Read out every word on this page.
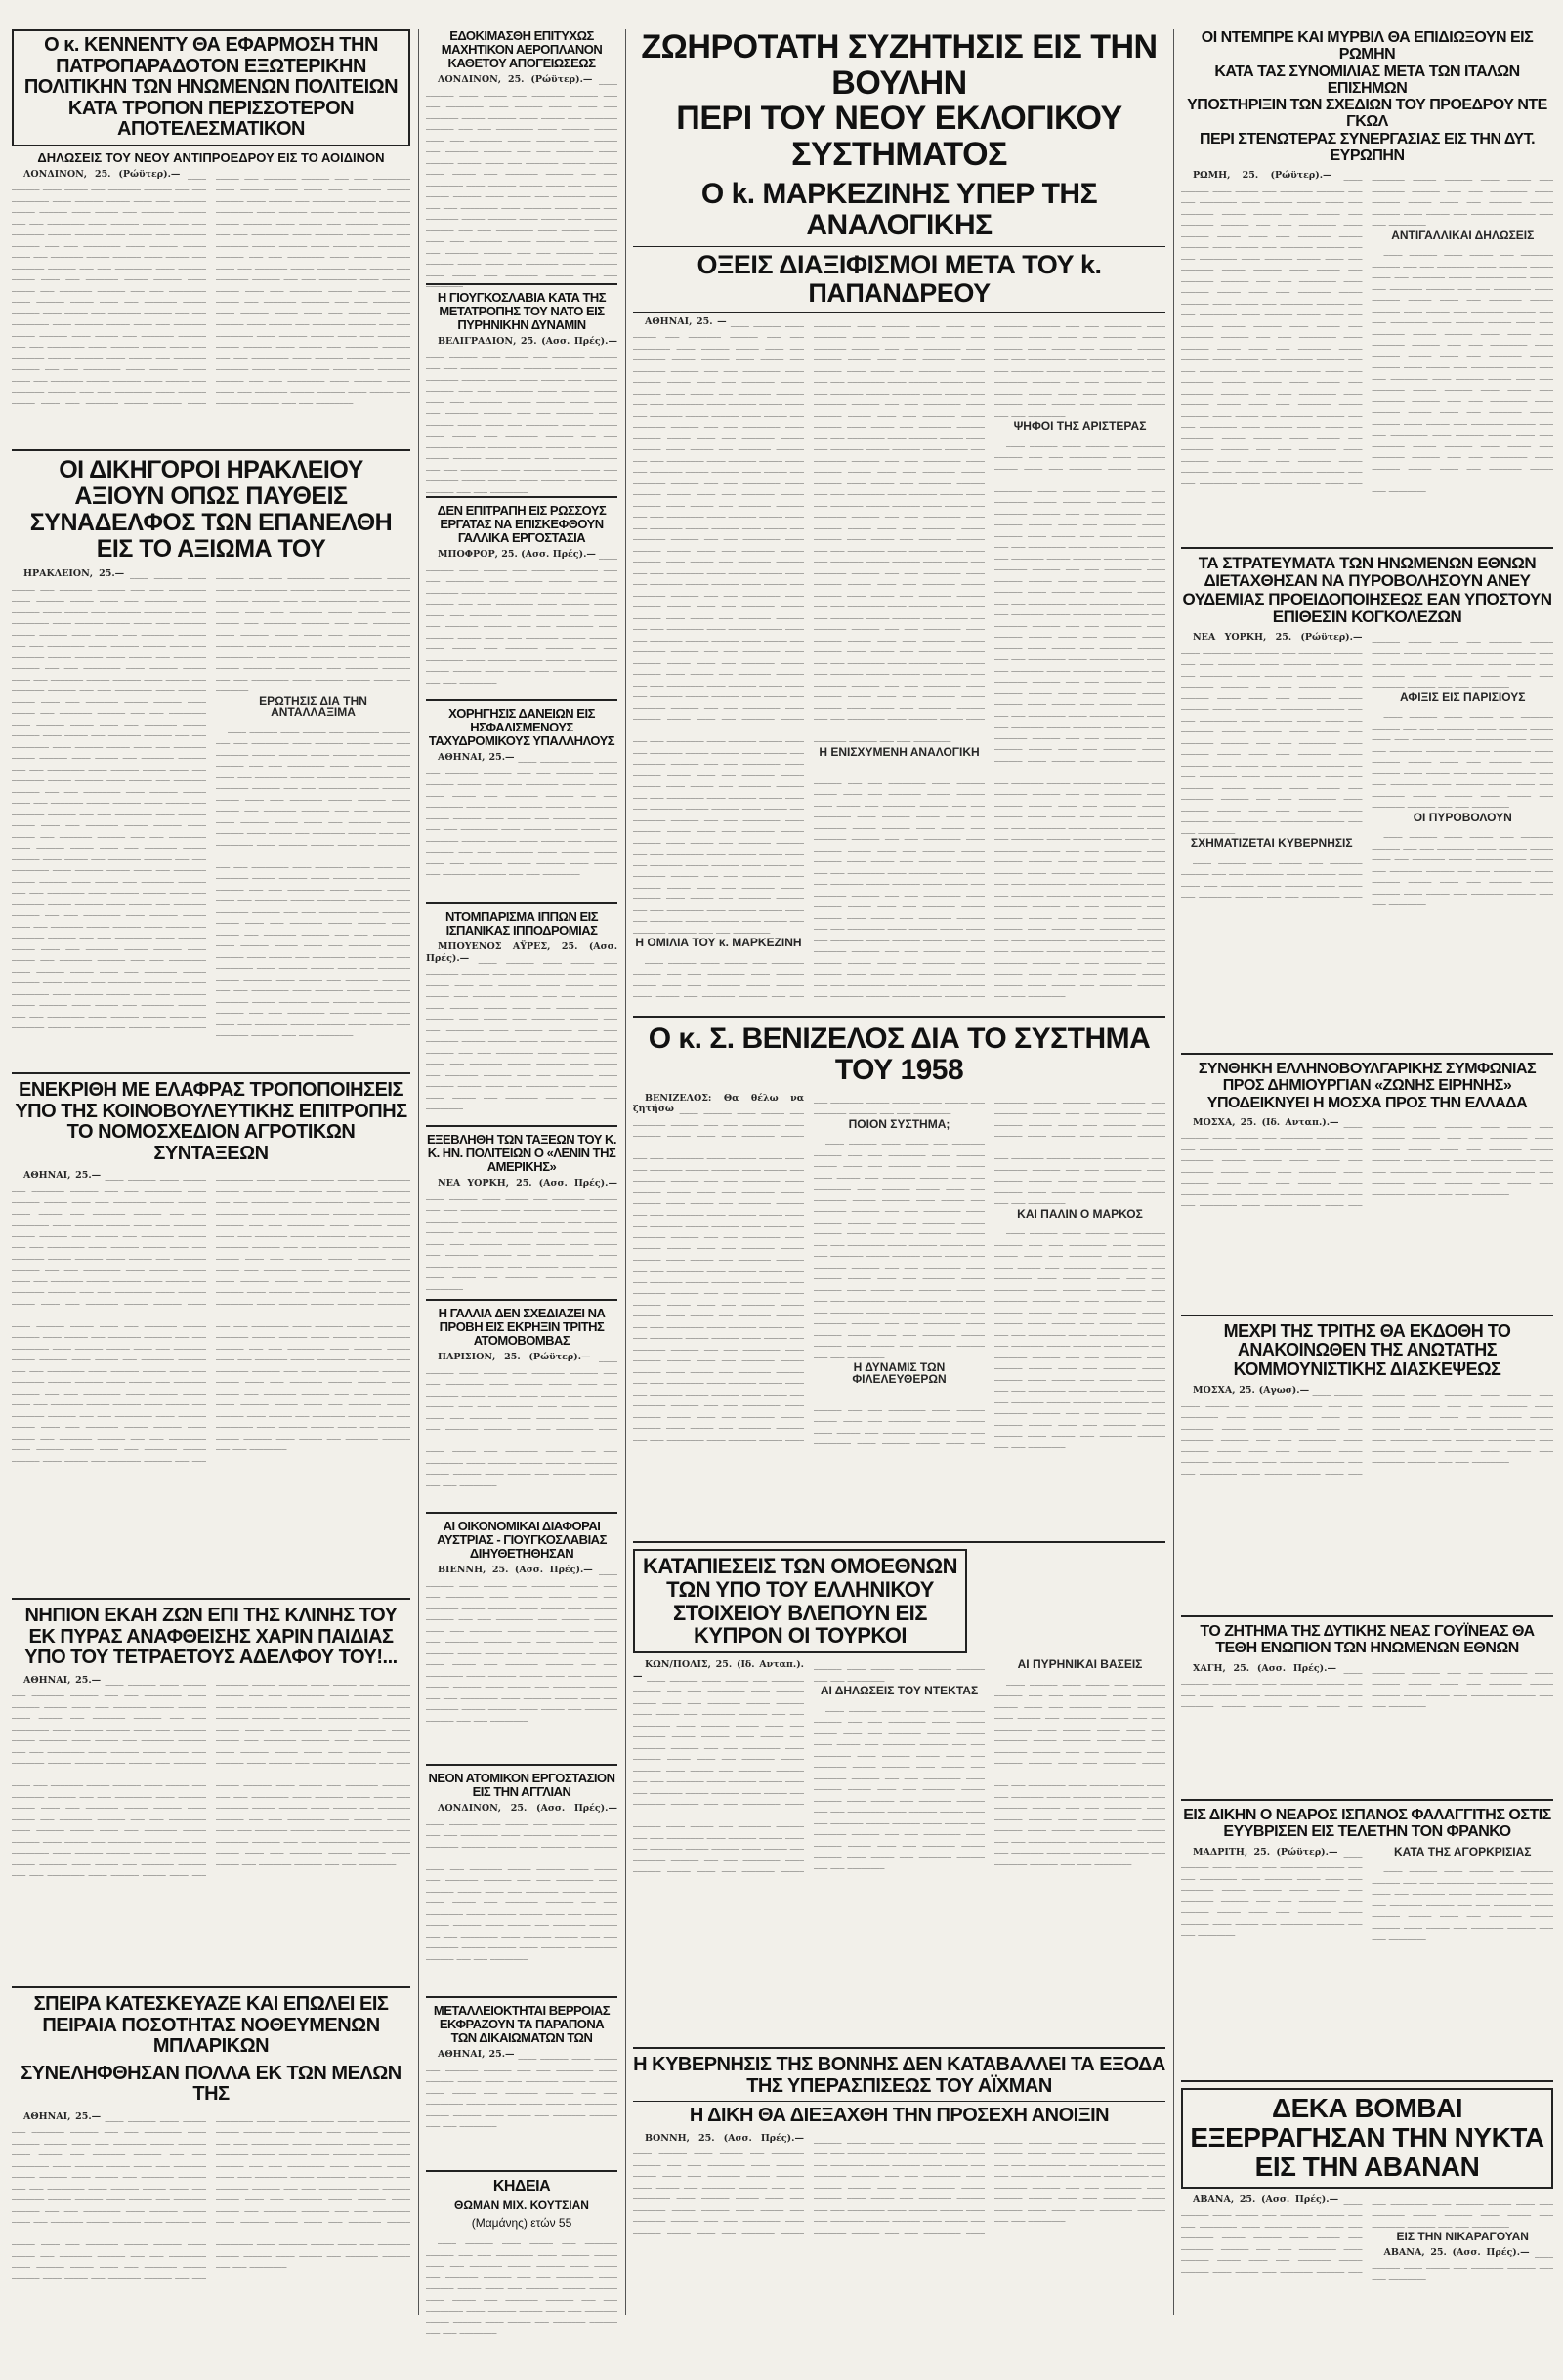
Ο κ. ΚΕΝΝΕΝΤΥ ΘΑ ΕΦΑΡΜΟΣΗ ΤΗΝ ΠΑΤΡΟΠΑΡΑΔΟΤΟΝ ΕΞΩΤΕΡΙΚΗΝ ΠΟΛΙΤΙΚΗΝ ΤΩΝ ΗΝΩΜΕΝΩΝ ΠΟΛΙΤΕΙΩΝ ΚΑΤΑ ΤΡΟΠΟΝ ΠΕΡΙΣΣΟΤΕΡΟΝ ΑΠΟΤΕΛΕΣΜΑΤΙΚΟΝ
ΔΗΛΩΣΕΙΣ ΤΟΥ ΝΕΟΥ ΑΝΤΙΠΡΟΕΔΡΟΥ ΕΙΣ ΤΟ ΑΟΙΔΙΝΟΝ

ΛΟΝΔΙΝΟΝ, 25. (Ρώϋτερ).— ____ ______ ____ _____ ___ _______ ______ ___ ___ ________ ____ ______ _____ ____ ___ _______ _____ ______ ____ _____ ___ _______ ______ ___ ___ ________ ____ ______ _____ ____ ___ _______ _____ ______ ____ _____ ___ _______ ______ ___ ___ ________ ____ ______ _____ ____ ___ _______ _____ ______ ____ _____ ___ _______ ______ ___ ___ ________ ____ ______ _____ ____ ___ _______ _____ ______ ____ _____ ___ _______ ______ ___ ___ ________ ____ ______ _____ ____ ___ _______ _____ ______ ____ _____ ___ _______ ______ ___ ___ ________ ____ ______ _____ ____ ___ _______ _____ ______ ____ _____ ___ _______ ______ ___ ___ ________ ____ ______ _____ ____ ___ _______ _____ ______ ____ _____ ___ _______ ______ ___ ___ ________ ____ ______ _____ ____ ___ _______ _____ ______ ____ _____ ___ _______ ______ ___ ___ ________ ____ ______ _____ ____ ___ _______ _____ ______ ____ _____ ___ _______ ______ ___ ___ ________ ____ ______ _____ ____ ___ _______ _____ ______ ____ _____ ___ _______ ______ ___ ___ ________ ____ ______ _____ ____ ___ _______ _____ ______ ____ _____ ___ _______ ______ ___ ___ ________ ____ ______ _____ ____ ___ _______ _____ ______ ____ _____ ___ _______ ______ ___ ___ ________ ____ ______ _____ ____ ___ _______ _____ ______ ____ _____ ___ _______ ______ ___ ___ ________ ____ ______ _____ ____ ___ _______ _____ ______ ____ _____ ___ _______ ______ ___ ___ ________ ____ ______ _____ ____ ___ _______ _____ ______ ____ _____ ___ _______ ______ ___ ___ ________ ____ ______ _____ ____ ___ _______ _____ ______ ____ _____ ___ _______ ______ ___ ___ ________ ____ ______ _____ ____ ___ _______ _____ ______ ____ _____ ___ _______ ______ ___ ___ ________ ____ ______ _____ ____ ___ _______ _____ ______ ____ _____ ___ _______ ______ ___ ___ ________

ΟΙ ΔΙΚΗΓΟΡΟΙ ΗΡΑΚΛΕΙΟΥ ΑΞΙΟΥΝ ΟΠΩΣ ΠΑΥΘΕΙΣ ΣΥΝΑΔΕΛΦΟΣ ΤΩΝ ΕΠΑΝΕΛΘΗ ΕΙΣ ΤΟ ΑΞΙΩΜΑ ΤΟΥ

ΗΡΑΚΛΕΙΟΝ, 25.— ____ ______ ____ _____ ___ _______ ______ ___ ___ ________ ____ ______ _____ ____ ___ _______ _____ ______ ____ _____ ___ _______ ______ ___ ___ ________ ____ ______ _____ ____ ___ _______ _____ ______ ____ _____ ___ _______ ______ ___ ___ ________ ____ ______ _____ ____ ___ _______ _____ ______ ____ _____ ___ _______ ______ ___ ___ ________ ____ ______ _____ ____ ___ _______ _____ ______ ____ _____ ___ _______ ______ ___ ___ ________ ____ ______ _____ ____ ___ _______ _____ ______ ____ _____ ___ _______ ______ ___ ___ ________ ____ ______ _____ ____ ___ _______ _____ ______ ____ _____ ___ _______ ______ ___ ___ ________ ____ ______ _____ ____ ___ _______ _____ ______ ____ _____ ___ _______ ______ ___ ___ ________ ____ ______ _____ ____ ___ _______ _____ ______ ____ _____ ___ _______ ______ ___ ___ ________ ____ ______ _____ ____ ___ _______ _____ ______ ____ _____ ___ _______ ______ ___ ___ ________ ____ ______ _____ ____ ___ _______ _____ ______ ____ _____ ___ _______ ______ ___ ___ ________ ____ ______ _____ ____ ___ _______ _____ ______ ____ _____ ___ _______ ______ ___ ___ ________ ____ ______ _____ ____ ___ _______ _____ ______ ____ _____ ___ _______ ______ ___ ___ ________ ____ ______ _____ ____ ___ _______ _____ ______ ____ _____ ___ _______ ______ ___ ___ ________ ____ ______ _____ ____ ___ _______ _____ ______ ____ _____ ___ _______ ______ ___ ___ ________ ____ ______ _____ ____ ___ _______ _____ ______ ____ _____ ___ _______ ______ ___ ___ ________ ____ ______ _____ ____ ___ _______ _____ ______ ____ _____ ___ _______ ______ ___ ___ ________ ____ ______ _____ ____ ___ _______ _____ ______ ____ _____ ___ _______ ______ ___ ___ ________ ____ ______ _____ ____ ___ _______ _____ ______ ____ _____ ___ _______ ______ ___ ___ ________ ____ ______ _____ ____ ___ _______ _____ ______ ____ _____ ___ _______ ______ ___ ___ ________ ____ ______ _____ ____ ___ _______ _____ ______ ____ _____ ___ _______ ______ ___ ___ ________ ____ ______ _____ ____ ___ _______ _____ ______ ____ _____ ___ _______ ______ ___ ___ ________ ____ ______ _____ ____ ___ _______ _____ ______ ____ _____ ___ _______ ______ ___ ___ ________ ____ ______ _____ ____ ___ _______

ΕΡΩΤΗΣΙΣ ΔΙΑ ΤΗΝ ΑΝΤΑΛΛΑΞΙΜΑ

____ ______ ____ _____ ___ _______ ______ ___ ___ ________ ____ ______ _____ ____ ___ _______ _____ ______ ____ _____ ___ _______ ______ ___ ___ ________ ____ ______ _____ ____ ___ _______ _____ ______ ____ _____ ___ _______ ______ ___ ___ ________ ____ ______ _____ ____ ___ _______ _____ ______ ____ _____ ___ _______ ______ ___ ___ ________ ____ ______ _____ ____ ___ _______ _____ ______ ____ _____ ___ _______ ______ ___ ___ ________ ____ ______ _____ ____ ___ _______ _____ ______ ____ _____ ___ _______ ______ ___ ___ ________ ____ ______ _____ ____ ___ _______ _____ ______ ____ _____ ___ _______ ______ ___ ___ ________ ____ ______ _____ ____ ___ _______ _____ ______ ____ _____ ___ _______ ______ ___ ___ ________ ____ ______ _____ ____ ___ _______ _____ ______ ____ _____ ___ _______ ______ ___ ___ ________ ____ ______ _____ ____ ___ _______ _____ ______ ____ _____ ___ _______ ______ ___ ___ ________ ____ ______ _____ ____ ___ _______ _____ ______ ____ _____ ___ _______ ______ ___ ___ ________ ____ ______ _____ ____ ___ _______ _____ ______ ____ _____ ___ _______ ______ ___ ___ ________ ____ ______ _____ ____ ___ _______ _____ ______ ____ _____ ___ _______ ______ ___ ___ ________

ΕΝΕΚΡΙΘΗ ΜΕ ΕΛΑΦΡΑΣ ΤΡΟΠΟΠΟΙΗΣΕΙΣ ΥΠΟ ΤΗΣ ΚΟΙΝΟΒΟΥΛΕΥΤΙΚΗΣ ΕΠΙΤΡΟΠΗΣ ΤΟ ΝΟΜΟΣΧΕΔΙΟΝ ΑΓΡΟΤΙΚΩΝ ΣΥΝΤΑΞΕΩΝ

ΑΘΗΝΑΙ, 25.— ____ ______ ____ _____ ___ _______ ______ ___ ___ ________ ____ ______ _____ ____ ___ _______ _____ ______ ____ _____ ___ _______ ______ ___ ___ ________ ____ ______ _____ ____ ___ _______ _____ ______ ____ _____ ___ _______ ______ ___ ___ ________ ____ ______ _____ ____ ___ _______ _____ ______ ____ _____ ___ _______ ______ ___ ___ ________ ____ ______ _____ ____ ___ _______ _____ ______ ____ _____ ___ _______ ______ ___ ___ ________ ____ ______ _____ ____ ___ _______ _____ ______ ____ _____ ___ _______ ______ ___ ___ ________ ____ ______ _____ ____ ___ _______ _____ ______ ____ _____ ___ _______ ______ ___ ___ ________ ____ ______ _____ ____ ___ _______ _____ ______ ____ _____ ___ _______ ______ ___ ___ ________ ____ ______ _____ ____ ___ _______ _____ ______ ____ _____ ___ _______ ______ ___ ___ ________ ____ ______ _____ ____ ___ _______ _____ ______ ____ _____ ___ _______ ______ ___ ___ ________ ____ ______ _____ ____ ___ _______ _____ ______ ____ _____ ___ _______ ______ ___ ___ ________ ____ ______ _____ ____ ___ _______ _____ ______ ____ _____ ___ _______ ______ ___ ___ ________ ____ ______ _____ ____ ___ _______ _____ ______ ____ _____ ___ _______ ______ ___ ___ ________ ____ ______ _____ ____ ___ _______ _____ ______ ____ _____ ___ _______ ______ ___ ___ ________ ____ ______ _____ ____ ___ _______ _____ ______ ____ _____ ___ _______ ______ ___ ___ ________ ____ ______ _____ ____ ___ _______ _____ ______ ____ _____ ___ _______ ______ ___ ___ ________ ____ ______ _____ ____ ___ _______ _____ ______ ____ _____ ___ _______ ______ ___ ___ ________ ____ ______ _____ ____ ___ _______ _____ ______ ____ _____ ___ _______ ______ ___ ___ ________ ____ ______ _____ ____ ___ _______ _____ ______ ____ _____ ___ _______ ______ ___ ___ ________ ____ ______ _____ ____ ___ _______ _____ ______ ____ _____ ___ _______ ______ ___ ___ ________ ____ ______ _____ ____ ___ _______ _____ ______ ____ _____ ___ _______ ______ ___ ___ ________ ____ ______ _____ ____ ___ _______ _____ ______ ____ _____ ___ _______ ______ ___ ___ ________ ____ ______ _____ ____ ___ _______ _____ ______ ____ _____ ___ _______ ______ ___ ___ ________

ΝΗΠΙΟΝ ΕΚΑΗ ΖΩΝ ΕΠΙ ΤΗΣ ΚΛΙΝΗΣ ΤΟΥ ΕΚ ΠΥΡΑΣ ΑΝΑΦΘΕΙΣΗΣ ΧΑΡΙΝ ΠΑΙΔΙΑΣ ΥΠΟ ΤΟΥ ΤΕΤΡΑΕΤΟΥΣ ΑΔΕΛΦΟΥ ΤΟΥ!...

ΑΘΗΝΑΙ, 25.— ____ ______ ____ _____ ___ _______ ______ ___ ___ ________ ____ ______ _____ ____ ___ _______ _____ ______ ____ _____ ___ _______ ______ ___ ___ ________ ____ ______ _____ ____ ___ _______ _____ ______ ____ _____ ___ _______ ______ ___ ___ ________ ____ ______ _____ ____ ___ _______ _____ ______ ____ _____ ___ _______ ______ ___ ___ ________ ____ ______ _____ ____ ___ _______ _____ ______ ____ _____ ___ _______ ______ ___ ___ ________ ____ ______ _____ ____ ___ _______ _____ ______ ____ _____ ___ _______ ______ ___ ___ ________ ____ ______ _____ ____ ___ _______ _____ ______ ____ _____ ___ _______ ______ ___ ___ ________ ____ ______ _____ ____ ___ _______ _____ ______ ____ _____ ___ _______ ______ ___ ___ ________ ____ ______ _____ ____ ___ _______ _____ ______ ____ _____ ___ _______ ______ ___ ___ ________ ____ ______ _____ ____ ___ _______ _____ ______ ____ _____ ___ _______ ______ ___ ___ ________ ____ ______ _____ ____ ___ _______ _____ ______ ____ _____ ___ _______ ______ ___ ___ ________ ____ ______ _____ ____ ___ _______ _____ ______ ____ _____ ___ _______ ______ ___ ___ ________ ____ ______ _____ ____ ___ _______ _____ ______ ____ _____ ___ _______ ______ ___ ___ ________ ____ ______ _____ ____ ___ _______ _____ ______ ____ _____ ___ _______ ______ ___ ___ ________ ____ ______ _____ ____ ___ _______ _____ ______ ____ _____ ___ _______ ______ ___ ___ ________ ____ ______ _____ ____ ___ _______ _____ ______ ____ _____ ___ _______ ______ ___ ___ ________

ΣΠΕΙΡΑ ΚΑΤΕΣΚΕΥΑΖΕ ΚΑΙ ΕΠΩΛΕΙ ΕΙΣ ΠΕΙΡΑΙΑ ΠΟΣΟΤΗΤΑΣ ΝΟΘΕΥΜΕΝΩΝ ΜΠΛΑΡΙΚΩΝ
ΣΥΝΕΛΗΦΘΗΣΑΝ ΠΟΛΛΑ ΕΚ ΤΩΝ ΜΕΛΩΝ ΤΗΣ

ΑΘΗΝΑΙ, 25.— ____ ______ ____ _____ ___ _______ ______ ___ ___ ________ ____ ______ _____ ____ ___ _______ _____ ______ ____ _____ ___ _______ ______ ___ ___ ________ ____ ______ _____ ____ ___ _______ _____ ______ ____ _____ ___ _______ ______ ___ ___ ________ ____ ______ _____ ____ ___ _______ _____ ______ ____ _____ ___ _______ ______ ___ ___ ________ ____ ______ _____ ____ ___ _______ _____ ______ ____ _____ ___ _______ ______ ___ ___ ________ ____ ______ _____ ____ ___ _______ _____ ______ ____ _____ ___ _______ ______ ___ ___ ________ ____ ______ _____ ____ ___ _______ _____ ______ ____ _____ ___ _______ ______ ___ ___ ________ ____ ______ _____ ____ ___ _______ _____ ______ ____ _____ ___ _______ ______ ___ ___ ________ ____ ______ _____ ____ ___ _______ _____ ______ ____ _____ ___ _______ ______ ___ ___ ________ ____ ______ _____ ____ ___ _______ _____ ______ ____ _____ ___ _______ ______ ___ ___ ________ ____ ______ _____ ____ ___ _______ _____ ______ ____ _____ ___ _______ ______ ___ ___ ________ ____ ______ _____ ____ ___ _______ _____ ______ ____ _____ ___ _______ ______ ___ ___ ________ ____ ______ _____ ____ ___ _______ _____ ______ ____ _____ ___ _______ ______ ___ ___ ________

ΕΔΟΚΙΜΑΣΘΗ ΕΠΙΤΥΧΩΣ ΜΑΧΗΤΙΚΟΝ ΑΕΡΟΠΛΑΝΟΝ ΚΑΘΕΤΟΥ ΑΠΟΓΕΙΩΣΕΩΣ

ΛΟΝΔΙΝΟΝ, 25. (Ρώϋτερ).— ____ ______ ____ _____ ___ _______ ______ ___ ___ ________ ____ ______ _____ ____ ___ _______ _____ ______ ____ _____ ___ _______ ______ ___ ___ ________ ____ ______ _____ ____ ___ _______ _____ ______ ____ _____ ___ _______ ______ ___ ___ ________ ____ ______ _____ ____ ___ _______ _____ ______ ____ _____ ___ _______ ______ ___ ___ ________ ____ ______ _____ ____ ___ _______ _____ ______ ____ _____ ___ _______ ______ ___ ___ ________ ____ ______ _____ ____ ___ _______ _____ ______ ____ _____ ___ _______ ______ ___ ___ ________ ____ ______ _____ ____ ___ _______ _____ ______ ____ _____ ___ _______ ______ ___ ___ ________ ____ ______ _____ ____ ___ _______ _____ ______ ____ _____ ___ _______ ______ ___ ___ ________

Η ΓΙΟΥΓΚΟΣΛΑΒΙΑ ΚΑΤΑ ΤΗΣ ΜΕΤΑΤΡΟΠΗΣ ΤΟΥ ΝΑΤΟ ΕΙΣ ΠΥΡΗΝΙΚΗΝ ΔΥΝΑΜΙΝ

ΒΕΛΙΓΡΑΔΙΟΝ, 25. (Ασσ. Πρές).— ____ ______ ____ _____ ___ _______ ______ ___ ___ ________ ____ ______ _____ ____ ___ _______ _____ ______ ____ _____ ___ _______ ______ ___ ___ ________ ____ ______ _____ ____ ___ _______ _____ ______ ____ _____ ___ _______ ______ ___ ___ ________ ____ ______ _____ ____ ___ _______ _____ ______ ____ _____ ___ _______ ______ ___ ___ ________ ____ ______ _____ ____ ___ _______ _____ ______ ____ _____ ___ _______ ______ ___ ___ ________ ____ ______ _____ ____ ___ _______ _____ ______ ____ _____ ___ _______ ______ ___ ___ ________

ΔΕΝ ΕΠΙΤΡΑΠΗ ΕΙΣ ΡΩΣΣΟΥΣ ΕΡΓΑΤΑΣ ΝΑ ΕΠΙΣΚΕΦΘΟΥΝ ΓΑΛΛΙΚΑ ΕΡΓΟΣΤΑΣΙΑ

ΜΠΟΦΡΟΡ, 25. (Ασσ. Πρές).— ____ ______ ____ _____ ___ _______ ______ ___ ___ ________ ____ ______ _____ ____ ___ _______ _____ ______ ____ _____ ___ _______ ______ ___ ___ ________ ____ ______ _____ ____ ___ _______ _____ ______ ____ _____ ___ _______ ______ ___ ___ ________ ____ ______ _____ ____ ___ _______ _____ ______ ____ _____ ___ _______ ______ ___ ___ ________ ____ ______ _____ ____ ___ _______ _____ ______ ____ _____ ___ _______ ______ ___ ___ ________

ΧΟΡΗΓΗΣΙΣ ΔΑΝΕΙΩΝ ΕΙΣ ΗΣΦΑΛΙΣΜΕΝΟΥΣ ΤΑΧΥΔΡΟΜΙΚΟΥΣ ΥΠΑΛΛΗΛΟΥΣ

ΑΘΗΝΑΙ, 25.— ____ ______ ____ _____ ___ _______ ______ ___ ___ ________ ____ ______ _____ ____ ___ _______ _____ ______ ____ _____ ___ _______ ______ ___ ___ ________ ____ ______ _____ ____ ___ _______ _____ ______ ____ _____ ___ _______ ______ ___ ___ ________ ____ ______ _____ ____ ___ _______ _____ ______ ____ _____ ___ _______ ______ ___ ___ ________ ____ ______ _____ ____ ___ _______ _____ ______ ____ _____ ___ _______ ______ ___ ___ ________

ΝΤΟΜΠΑΡΙΣΜΑ ΙΠΠΩΝ ΕΙΣ ΙΣΠΑΝΙΚΑΣ ΙΠΠΟΔΡΟΜΙΑΣ

ΜΠΟΥΕΝΟΣ ΑΫΡΕΣ, 25. (Ασσ. Πρές).— ____ ______ ____ _____ ___ _______ ______ ___ ___ ________ ____ ______ _____ ____ ___ _______ _____ ______ ____ _____ ___ _______ ______ ___ ___ ________ ____ ______ _____ ____ ___ _______ _____ ______ ____ _____ ___ _______ ______ ___ ___ ________ ____ ______ _____ ____ ___ _______ _____ ______ ____ _____ ___ _______ ______ ___ ___ ________ ____ ______ _____ ____ ___ _______ _____ ______ ____ _____ ___ _______ ______ ___ ___ ________ ____ ______ _____ ____ ___ _______ _____ ______ ____ _____ ___ _______ ______ ___ ___ ________

ΕΞΕΒΛΗΘΗ ΤΩΝ ΤΑΞΕΩΝ ΤΟΥ Κ. Κ. ΗΝ. ΠΟΛΙΤΕΙΩΝ Ο «ΛΕΝΙΝ ΤΗΣ ΑΜΕΡΙΚΗΣ»

ΝΕΑ ΥΟΡΚΗ, 25. (Ασσ. Πρές).— ____ ______ ____ _____ ___ _______ ______ ___ ___ ________ ____ ______ _____ ____ ___ _______ _____ ______ ____ _____ ___ _______ ______ ___ ___ ________ ____ ______ _____ ____ ___ _______ _____ ______ ____ _____ ___ _______ ______ ___ ___ ________ ____ ______ _____ ____ ___ _______ _____ ______ ____ _____ ___ _______ ______ ___ ___ ________

Η ΓΑΛΛΙΑ ΔΕΝ ΣΧΕΔΙΑΖΕΙ ΝΑ ΠΡΟΒΗ ΕΙΣ ΕΚΡΗΞΙΝ ΤΡΙΤΗΣ ΑΤΟΜΟΒΟΜΒΑΣ

ΠΑΡΙΣΙΟΝ, 25. (Ρώϋτερ).— ____ ______ ____ _____ ___ _______ ______ ___ ___ ________ ____ ______ _____ ____ ___ _______ _____ ______ ____ _____ ___ _______ ______ ___ ___ ________ ____ ______ _____ ____ ___ _______ _____ ______ ____ _____ ___ _______ ______ ___ ___ ________ ____ ______ _____ ____ ___ _______ _____ ______ ____ _____ ___ _______ ______ ___ ___ ________ ____ ______ _____ ____ ___ _______ _____ ______ ____ _____ ___ _______ ______ ___ ___ ________

ΑΙ ΟΙΚΟΝΟΜΙΚΑΙ ΔΙΑΦΟΡΑΙ ΑΥΣΤΡΙΑΣ - ΓΙΟΥΓΚΟΣΛΑΒΙΑΣ ΔΙΗΥΘΕΤΗΘΗΣΑΝ

ΒΙΕΝΝΗ, 25. (Ασσ. Πρές).— ____ ______ ____ _____ ___ _______ ______ ___ ___ ________ ____ ______ _____ ____ ___ _______ _____ ______ ____ _____ ___ _______ ______ ___ ___ ________ ____ ______ _____ ____ ___ _______ _____ ______ ____ _____ ___ _______ ______ ___ ___ ________ ____ ______ _____ ____ ___ _______ _____ ______ ____ _____ ___ _______ ______ ___ ___ ________ ____ ______ _____ ____ ___ _______ _____ ______ ____ _____ ___ _______ ______ ___ ___ ________ ____ ______ _____ ____ ___ _______ _____ ______ ____ _____ ___ _______ ______ ___ ___ ________

ΝΕΟΝ ΑΤΟΜΙΚΟΝ ΕΡΓΟΣΤΑΣΙΟΝ ΕΙΣ ΤΗΝ ΑΓΓΛΙΑΝ

ΛΟΝΔΙΝΟΝ, 25. (Ασσ. Πρές).— ____ ______ ____ _____ ___ _______ ______ ___ ___ ________ ____ ______ _____ ____ ___ _______ _____ ______ ____ _____ ___ _______ ______ ___ ___ ________ ____ ______ _____ ____ ___ _______ _____ ______ ____ _____ ___ _______ ______ ___ ___ ________ ____ ______ _____ ____ ___ _______ _____ ______ ____ _____ ___ _______ ______ ___ ___ ________ ____ ______ _____ ____ ___ _______ _____ ______ ____ _____ ___ _______ ______ ___ ___ ________ ____ ______ _____ ____ ___ _______ _____ ______ ____ _____ ___ _______ ______ ___ ___ ________

ΜΕΤΑΛΛΕΙΟΚΤΗΤΑΙ ΒΕΡΡΟΙΑΣ ΕΚΦΡΑΖΟΥΝ ΤΑ ΠΑΡΑΠΟΝΑ ΤΩΝ ΔΙΚΑΙΩΜΑΤΩΝ ΤΩΝ

ΑΘΗΝΑΙ, 25.— ____ ______ ____ _____ ___ _______ ______ ___ ___ ________ ____ ______ _____ ____ ___ _______ _____ ______ ____ _____ ___ _______ ______ ___ ___ ________ ____ ______ _____ ____ ___ _______ _____ ______ ____ _____ ___ _______ ______ ___ ___ ________

ΚΗΔΕΙΑ
ΘΩΜΑΝ ΜΙΧ. ΚΟΥΤΣΙΑΝ
(Μαμάνης) ετών 55

____ ______ ____ _____ ___ _______ ______ ___ ___ ________ ____ ______ _____ ____ ___ _______ _____ ______ ____ _____ ___ _______ ______ ___ ___ ________ ____ ______ _____ ____ ___ _______ _____ ______ ____ _____ ___ _______ ______ ___ ___ ________ ____ ______ _____ ____ ___ _______ _____ ______ ____ _____ ___ _______ ______ ___ ___ ________

ΖΩΗΡΟΤΑΤΗ ΣΥΖΗΤΗΣΙΣ ΕΙΣ ΤΗΝ ΒΟΥΛΗΝ
ΠΕΡΙ ΤΟΥ ΝΕΟΥ ΕΚΛΟΓΙΚΟΥ ΣΥΣΤΗΜΑΤΟΣ
Ο k. ΜΑΡΚΕΖΙΝΗΣ ΥΠΕΡ ΤΗΣ ΑΝΑΛΟΓΙΚΗΣ
ΟΞΕΙΣ ΔΙΑΞΙΦΙΣΜΟΙ ΜΕΤΑ ΤΟΥ k. ΠΑΠΑΝΔΡΕΟΥ

ΑΘΗΝΑΙ, 25. — ____ ______ ____ _____ ___ _______ ______ ___ ___ ________ ____ ______ _____ ____ ___ _______ _____ ______ ____ _____ ___ _______ ______ ___ ___ ________ ____ ______ _____ ____ ___ _______ _____ ______ ____ _____ ___ _______ ______ ___ ___ ________ ____ ______ _____ ____ ___ _______ _____ ______ ____ _____ ___ _______ ______ ___ ___ ________ ____ ______ _____ ____ ___ _______ _____ ______ ____ _____ ___ _______ ______ ___ ___ ________ ____ ______ _____ ____ ___ _______ _____ ______ ____ _____ ___ _______ ______ ___ ___ ________ ____ ______ _____ ____ ___ _______ _____ ______ ____ _____ ___ _______ ______ ___ ___ ________ ____ ______ _____ ____ ___ _______ _____ ______ ____ _____ ___ _______ ______ ___ ___ ________ ____ ______ _____ ____ ___ _______ _____ ______ ____ _____ ___ _______ ______ ___ ___ ________ ____ ______ _____ ____ ___ _______ _____ ______ ____ _____ ___ _______ ______ ___ ___ ________ ____ ______ _____ ____ ___ _______ _____ ______ ____ _____ ___ _______ ______ ___ ___ ________ ____ ______ _____ ____ ___ _______ _____ ______ ____ _____ ___ _______ ______ ___ ___ ________ ____ ______ _____ ____ ___ _______ _____ ______ ____ _____ ___ _______ ______ ___ ___ ________ ____ ______ _____ ____ ___ _______ _____ ______ ____ _____ ___ _______ ______ ___ ___ ________ ____ ______ _____ ____ ___ _______ _____ ______ ____ _____ ___ _______ ______ ___ ___ ________ ____ ______ _____ ____ ___ _______ _____ ______ ____ _____ ___ _______ ______ ___ ___ ________ ____ ______ _____ ____ ___ _______ _____ ______ ____ _____ ___ _______ ______ ___ ___ ________ ____ ______ _____ ____ ___ _______ _____ ______ ____ _____ ___ _______ ______ ___ ___ ________ ____ ______ _____ ____ ___ _______ _____ ______ ____ _____ ___ _______ ______ ___ ___ ________ ____ ______ _____ ____ ___ _______ _____ ______ ____ _____ ___ _______ ______ ___ ___ ________ ____ ______ _____ ____ ___ _______ _____ ______ ____ _____ ___ _______ ______ ___ ___ ________ ____ ______ _____ ____ ___ _______ _____ ______ ____ _____ ___ _______ ______ ___ ___ ________

Η ΟΜΙΛΙΑ ΤΟΥ κ. ΜΑΡΚΕΖΙΝΗ

____ ______ ____ _____ ___ _______ ______ ___ ___ ________ ____ ______ _____ ____ ___ _______ _____ ______ ____ _____ ___ _______ ______ ___ ___ ________ ____ ______ _____ ____ ___ _______ _____ ______ ____ _____ ___ _______ ______ ___ ___ ________ ____ ______ _____ ____ ___ _______ _____ ______ ____ _____ ___ _______ ______ ___ ___ ________ ____ ______ _____ ____ ___ _______ _____ ______ ____ _____ ___ _______ ______ ___ ___ ________ ____ ______ _____ ____ ___ _______ _____ ______ ____ _____ ___ _______ ______ ___ ___ ________ ____ ______ _____ ____ ___ _______ _____ ______ ____ _____ ___ _______ ______ ___ ___ ________ ____ ______ _____ ____ ___ _______ _____ ______ ____ _____ ___ _______ ______ ___ ___ ________ ____ ______ _____ ____ ___ _______ _____ ______ ____ _____ ___ _______ ______ ___ ___ ________ ____ ______ _____ ____ ___ _______ _____ ______ ____ _____ ___ _______ ______ ___ ___ ________ ____ ______ _____ ____ ___ _______ _____ ______ ____ _____ ___ _______ ______ ___ ___ ________ ____ ______ _____ ____ ___ _______ _____ ______ ____ _____ ___ _______ ______ ___ ___ ________ ____ ______ _____ ____ ___ _______ _____ ______ ____ _____ ___ _______ ______ ___ ___ ________ ____ ______ _____ ____ ___ _______ _____ ______ ____ _____ ___ _______ ______ ___ ___ ________ ____ ______ _____ ____ ___ _______ _____ ______ ____ _____ ___ _______ ______ ___ ___ ________ ____ ______ _____ ____ ___ _______ _____ ______ ____ _____ ___ _______ ______ ___ ___ ________ ____ ______ _____ ____ ___ _______ _____ ______ ____ _____ ___ _______ ______ ___ ___ ________

Η ΕΝΙΣΧΥΜΕΝΗ ΑΝΑΛΟΓΙΚΗ

____ ______ ____ _____ ___ _______ ______ ___ ___ ________ ____ ______ _____ ____ ___ _______ _____ ______ ____ _____ ___ _______ ______ ___ ___ ________ ____ ______ _____ ____ ___ _______ _____ ______ ____ _____ ___ _______ ______ ___ ___ ________ ____ ______ _____ ____ ___ _______ _____ ______ ____ _____ ___ _______ ______ ___ ___ ________ ____ ______ _____ ____ ___ _______ _____ ______ ____ _____ ___ _______ ______ ___ ___ ________ ____ ______ _____ ____ ___ _______ _____ ______ ____ _____ ___ _______ ______ ___ ___ ________ ____ ______ _____ ____ ___ _______ _____ ______ ____ _____ ___ _______ ______ ___ ___ ________ ____ ______ _____ ____ ___ _______ _____ ______ ____ _____ ___ _______ ______ ___ ___ ________ ____ ______ _____ ____ ___ _______ _____ ______ ____ _____ ___ _______ ______ ___ ___ ________ ____ ______ _____ ____ ___ _______ _____ ______ ____ _____ ___ _______ ______ ___ ___ ________ ____ ______ _____ ____ ___ _______ _____ ______ ____ _____ ___ _______ ______ ___ ___ ________ ____ ______ _____ ____ ___ _______ _____ ______ ____ _____ ___ _______ ______ ___ ___ ________

ΨΗΦΟΙ ΤΗΣ ΑΡΙΣΤΕΡΑΣ

____ ______ ____ _____ ___ _______ ______ ___ ___ ________ ____ ______ _____ ____ ___ _______ _____ ______ ____ _____ ___ _______ ______ ___ ___ ________ ____ ______ _____ ____ ___ _______ _____ ______ ____ _____ ___ _______ ______ ___ ___ ________ ____ ______ _____ ____ ___ _______ _____ ______ ____ _____ ___ _______ ______ ___ ___ ________ ____ ______ _____ ____ ___ _______ _____ ______ ____ _____ ___ _______ ______ ___ ___ ________ ____ ______ _____ ____ ___ _______ _____ ______ ____ _____ ___ _______ ______ ___ ___ ________ ____ ______ _____ ____ ___ _______ _____ ______ ____ _____ ___ _______ ______ ___ ___ ________ ____ ______ _____ ____ ___ _______ _____ ______ ____ _____ ___ _______ ______ ___ ___ ________ ____ ______ _____ ____ ___ _______ _____ ______ ____ _____ ___ _______ ______ ___ ___ ________ ____ ______ _____ ____ ___ _______ _____ ______ ____ _____ ___ _______ ______ ___ ___ ________ ____ ______ _____ ____ ___ _______ _____ ______ ____ _____ ___ _______ ______ ___ ___ ________ ____ ______ _____ ____ ___ _______ _____ ______ ____ _____ ___ _______ ______ ___ ___ ________ ____ ______ _____ ____ ___ _______ _____ ______ ____ _____ ___ _______ ______ ___ ___ ________ ____ ______ _____ ____ ___ _______ _____ ______ ____ _____ ___ _______ ______ ___ ___ ________ ____ ______ _____ ____ ___ _______ _____ ______ ____ _____ ___ _______ ______ ___ ___ ________ ____ ______ _____ ____ ___ _______ _____ ______ ____ _____ ___ _______ ______ ___ ___ ________ ____ ______ _____ ____ ___ _______ _____ ______ ____ _____ ___ _______ ______ ___ ___ ________ ____ ______ _____ ____ ___ _______ _____ ______ ____ _____ ___ _______ ______ ___ ___ ________ ____ ______ _____ ____ ___ _______ _____ ______ ____ _____ ___ _______ ______ ___ ___ ________ ____ ______ _____ ____ ___ _______ _____ ______ ____ _____ ___ _______ ______ ___ ___ ________

Ο κ. Σ. ΒΕΝΙΖΕΛΟΣ ΔΙΑ ΤΟ ΣΥΣΤΗΜΑ ΤΟΥ 1958

ΒΕΝΙΖΕΛΟΣ: Θα θέλω να ζητήσω ____ ______ ____ _____ ___ _______ ______ ___ ___ ________ ____ ______ _____ ____ ___ _______ _____ ______ ____ _____ ___ _______ ______ ___ ___ ________ ____ ______ _____ ____ ___ _______ _____ ______ ____ _____ ___ _______ ______ ___ ___ ________ ____ ______ _____ ____ ___ _______ _____ ______ ____ _____ ___ _______ ______ ___ ___ ________ ____ ______ _____ ____ ___ _______ _____ ______ ____ _____ ___ _______ ______ ___ ___ ________ ____ ______ _____ ____ ___ _______ _____ ______ ____ _____ ___ _______ ______ ___ ___ ________ ____ ______ _____ ____ ___ _______ _____ ______ ____ _____ ___ _______ ______ ___ ___ ________ ____ ______ _____ ____ ___ _______ _____ ______ ____ _____ ___ _______ ______ ___ ___ ________ ____ ______ _____ ____ ___ _______ _____ ______ ____ _____ ___ _______ ______ ___ ___ ________ ____ ______ _____ ____ ___ _______ _____ ______ ____ _____ ___ _______ ______ ___ ___ ________ ____ ______ _____ ____ ___ _______ _____ ______ ____ _____ ___ _______ ______ ___ ___ ________ ____ ______ _____ ____ ___ _______ _____ ______ ____ _____ ___ _______ ______ ___ ___ ________ ____ ______ _____ ____ ___ _______ _____ ______ ____ _____ ___ _______ ______ ___ ___ ________

ΠΟΙΟΝ ΣΥΣΤΗΜΑ;

____ ______ ____ _____ ___ _______ ______ ___ ___ ________ ____ ______ _____ ____ ___ _______ _____ ______ ____ _____ ___ _______ ______ ___ ___ ________ ____ ______ _____ ____ ___ _______ _____ ______ ____ _____ ___ _______ ______ ___ ___ ________ ____ ______ _____ ____ ___ _______ _____ ______ ____ _____ ___ _______ ______ ___ ___ ________ ____ ______ _____ ____ ___ _______ _____ ______ ____ _____ ___ _______ ______ ___ ___ ________ ____ ______ _____ ____ ___ _______ _____ ______ ____ _____ ___ _______ ______ ___ ___ ________ ____ ______ _____ ____ ___ _______ _____ ______ ____ _____ ___ _______ ______ ___ ___ ________ ____ ______ _____ ____ ___ _______ _____ ______ ____ _____ ___ _______ ______ ___ ___ ________

Η ΔΥΝΑΜΙΣ ΤΩΝ ΦΙΛΕΛΕΥΘΕΡΩΝ

____ ______ ____ _____ ___ _______ ______ ___ ___ ________ ____ ______ _____ ____ ___ _______ _____ ______ ____ _____ ___ _______ ______ ___ ___ ________ ____ ______ _____ ____ ___ _______ _____ ______ ____ _____ ___ _______ ______ ___ ___ ________ ____ ______ _____ ____ ___ _______ _____ ______ ____ _____ ___ _______ ______ ___ ___ ________ ____ ______ _____ ____ ___ _______ _____ ______ ____ _____ ___ _______ ______ ___ ___ ________ ____ ______ _____ ____ ___ _______ _____ ______ ____ _____ ___ _______ ______ ___ ___ ________

ΚΑΙ ΠΑΛΙΝ Ο ΜΑΡΚΟΣ

____ ______ ____ _____ ___ _______ ______ ___ ___ ________ ____ ______ _____ ____ ___ _______ _____ ______ ____ _____ ___ _______ ______ ___ ___ ________ ____ ______ _____ ____ ___ _______ _____ ______ ____ _____ ___ _______ ______ ___ ___ ________ ____ ______ _____ ____ ___ _______ _____ ______ ____ _____ ___ _______ ______ ___ ___ ________ ____ ______ _____ ____ ___ _______ _____ ______ ____ _____ ___ _______ ______ ___ ___ ________ ____ ______ _____ ____ ___ _______ _____ ______ ____ _____ ___ _______ ______ ___ ___ ________ ____ ______ _____ ____ ___ _______ _____ ______ ____ _____ ___ _______ ______ ___ ___ ________ ____ ______ _____ ____ ___ _______ _____ ______ ____ _____ ___ _______ ______ ___ ___ ________

ΚΑΤΑΠΙΕΣΕΙΣ ΤΩΝ ΟΜΟΕΘΝΩΝ ΤΩΝ ΥΠΟ ΤΟΥ ΕΛΛΗΝΙΚΟΥ ΣΤΟΙΧΕΙΟΥ ΒΛΕΠΟΥΝ ΕΙΣ ΚΥΠΡΟΝ ΟΙ ΤΟΥΡΚΟΙ

ΚΩΝ/ΠΟΛΙΣ, 25. (Ιδ. Ανταπ.).— ____ ______ ____ _____ ___ _______ ______ ___ ___ ________ ____ ______ _____ ____ ___ _______ _____ ______ ____ _____ ___ _______ ______ ___ ___ ________ ____ ______ _____ ____ ___ _______ _____ ______ ____ _____ ___ _______ ______ ___ ___ ________ ____ ______ _____ ____ ___ _______ _____ ______ ____ _____ ___ _______ ______ ___ ___ ________ ____ ______ _____ ____ ___ _______ _____ ______ ____ _____ ___ _______ ______ ___ ___ ________ ____ ______ _____ ____ ___ _______ _____ ______ ____ _____ ___ _______ ______ ___ ___ ________ ____ ______ _____ ____ ___ _______ _____ ______ ____ _____ ___ _______ ______ ___ ___ ________ ____ ______ _____ ____ ___ _______ _____ ______ ____ _____ ___ _______ ______ ___ ___ ________

ΑΙ ΔΗΛΩΣΕΙΣ ΤΟΥ ΝΤΕΚΤΑΣ

____ ______ ____ _____ ___ _______ ______ ___ ___ ________ ____ ______ _____ ____ ___ _______ _____ ______ ____ _____ ___ _______ ______ ___ ___ ________ ____ ______ _____ ____ ___ _______ _____ ______ ____ _____ ___ _______ ______ ___ ___ ________ ____ ______ _____ ____ ___ _______ _____ ______ ____ _____ ___ _______ ______ ___ ___ ________ ____ ______ _____ ____ ___ _______ _____ ______ ____ _____ ___ _______ ______ ___ ___ ________ ____ ______ _____ ____ ___ _______ _____ ______ ____ _____ ___ _______ ______ ___ ___ ________

ΑΙ ΠΥΡΗΝΙΚΑΙ ΒΑΣΕΙΣ

____ ______ ____ _____ ___ _______ ______ ___ ___ ________ ____ ______ _____ ____ ___ _______ _____ ______ ____ _____ ___ _______ ______ ___ ___ ________ ____ ______ _____ ____ ___ _______ _____ ______ ____ _____ ___ _______ ______ ___ ___ ________ ____ ______ _____ ____ ___ _______ _____ ______ ____ _____ ___ _______ ______ ___ ___ ________ ____ ______ _____ ____ ___ _______ _____ ______ ____ _____ ___ _______ ______ ___ ___ ________ ____ ______ _____ ____ ___ _______ _____ ______ ____ _____ ___ _______ ______ ___ ___ ________ ____ ______ _____ ____ ___ _______ _____ ______ ____ _____ ___ _______ ______ ___ ___ ________

Η ΚΥΒΕΡΝΗΣΙΣ ΤΗΣ ΒΟΝΝΗΣ ΔΕΝ ΚΑΤΑΒΑΛΛΕΙ ΤΑ ΕΞΟΔΑ ΤΗΣ ΥΠΕΡΑΣΠΙΣΕΩΣ ΤΟΥ ΑΪΧΜΑΝ
Η ΔΙΚΗ ΘΑ ΔΙΕΞΑΧΘΗ ΤΗΝ ΠΡΟΣΕΧΗ ΑΝΟΙΞΙΝ

ΒΟΝΝΗ, 25. (Ασσ. Πρές).— ____ ______ ____ _____ ___ _______ ______ ___ ___ ________ ____ ______ _____ ____ ___ _______ _____ ______ ____ _____ ___ _______ ______ ___ ___ ________ ____ ______ _____ ____ ___ _______ _____ ______ ____ _____ ___ _______ ______ ___ ___ ________ ____ ______ _____ ____ ___ _______ _____ ______ ____ _____ ___ _______ ______ ___ ___ ________ ____ ______ _____ ____ ___ _______ _____ ______ ____ _____ ___ _______ ______ ___ ___ ________ ____ ______ _____ ____ ___ _______ _____ ______ ____ _____ ___ _______ ______ ___ ___ ________ ____ ______ _____ ____ ___ _______ _____ ______ ____ _____ ___ _______ ______ ___ ___ ________ ____ ______ _____ ____ ___ _______ _____ ______ ____ _____ ___ _______ ______ ___ ___ ________ ____ ______ _____ ____ ___ _______ _____ ______ ____ _____ ___ _______ ______ ___ ___ ________ ____ ______ _____ ____ ___ _______ _____ ______ ____ _____ ___ _______ ______ ___ ___ ________

ΟΙ ΝΤΕΜΠΡΕ ΚΑΙ ΜΥΡΒΙΛ ΘΑ ΕΠΙΔΙΩΞΟΥΝ ΕΙΣ ΡΩΜΗΝ
ΚΑΤΑ ΤΑΣ ΣΥΝΟΜΙΛΙΑΣ ΜΕΤΑ ΤΩΝ ΙΤΑΛΩΝ ΕΠΙΣΗΜΩΝ
ΥΠΟΣΤΗΡΙΞΙΝ ΤΩΝ ΣΧΕΔΙΩΝ ΤΟΥ ΠΡΟΕΔΡΟΥ ΝΤΕ ΓΚΩΛ
ΠΕΡΙ ΣΤΕΝΩΤΕΡΑΣ ΣΥΝΕΡΓΑΣΙΑΣ ΕΙΣ ΤΗΝ ΔΥΤ. ΕΥΡΩΠΗΝ

ΡΩΜΗ, 25. (Ρώϋτερ).— ____ ______ ____ _____ ___ _______ ______ ___ ___ ________ ____ ______ _____ ____ ___ _______ _____ ______ ____ _____ ___ _______ ______ ___ ___ ________ ____ ______ _____ ____ ___ _______ _____ ______ ____ _____ ___ _______ ______ ___ ___ ________ ____ ______ _____ ____ ___ _______ _____ ______ ____ _____ ___ _______ ______ ___ ___ ________ ____ ______ _____ ____ ___ _______ _____ ______ ____ _____ ___ _______ ______ ___ ___ ________ ____ ______ _____ ____ ___ _______ _____ ______ ____ _____ ___ _______ ______ ___ ___ ________ ____ ______ _____ ____ ___ _______ _____ ______ ____ _____ ___ _______ ______ ___ ___ ________ ____ ______ _____ ____ ___ _______ _____ ______ ____ _____ ___ _______ ______ ___ ___ ________ ____ ______ _____ ____ ___ _______ _____ ______ ____ _____ ___ _______ ______ ___ ___ ________ ____ ______ _____ ____ ___ _______ _____ ______ ____ _____ ___ _______ ______ ___ ___ ________ ____ ______ _____ ____ ___ _______ _____ ______ ____ _____ ___ _______ ______ ___ ___ ________ ____ ______ _____ ____ ___ _______ _____ ______ ____ _____ ___ _______ ______ ___ ___ ________ ____ ______ _____ ____ ___ _______ _____ ______ ____ _____ ___ _______ ______ ___ ___ ________

ΑΝΤΙΓΑΛΛΙΚΑΙ ΔΗΛΩΣΕΙΣ

____ ______ ____ _____ ___ _______ ______ ___ ___ ________ ____ ______ _____ ____ ___ _______ _____ ______ ____ _____ ___ _______ ______ ___ ___ ________ ____ ______ _____ ____ ___ _______ _____ ______ ____ _____ ___ _______ ______ ___ ___ ________ ____ ______ _____ ____ ___ _______ _____ ______ ____ _____ ___ _______ ______ ___ ___ ________ ____ ______ _____ ____ ___ _______ _____ ______ ____ _____ ___ _______ ______ ___ ___ ________ ____ ______ _____ ____ ___ _______ _____ ______ ____ _____ ___ _______ ______ ___ ___ ________ ____ ______ _____ ____ ___ _______ _____ ______ ____ _____ ___ _______ ______ ___ ___ ________ ____ ______ _____ ____ ___ _______ _____ ______ ____ _____ ___ _______ ______ ___ ___ ________ ____ ______ _____ ____ ___ _______ _____ ______ ____ _____ ___ _______ ______ ___ ___ ________

ΤΑ ΣΤΡΑΤΕΥΜΑΤΑ ΤΩΝ ΗΝΩΜΕΝΩΝ ΕΘΝΩΝ ΔΙΕΤΑΧΘΗΣΑΝ ΝΑ ΠΥΡΟΒΟΛΗΣΟΥΝ ΑΝΕΥ ΟΥΔΕΜΙΑΣ ΠΡΟΕΙΔΟΠΟΙΗΣΕΩΣ ΕΑΝ ΥΠΟΣΤΟΥΝ ΕΠΙΘΕΣΙΝ ΚΟΓΚΟΛΕΖΩΝ

ΝΕΑ ΥΟΡΚΗ, 25. (Ρώϋτερ).— ____ ______ ____ _____ ___ _______ ______ ___ ___ ________ ____ ______ _____ ____ ___ _______ _____ ______ ____ _____ ___ _______ ______ ___ ___ ________ ____ ______ _____ ____ ___ _______ _____ ______ ____ _____ ___ _______ ______ ___ ___ ________ ____ ______ _____ ____ ___ _______ _____ ______ ____ _____ ___ _______ ______ ___ ___ ________ ____ ______ _____ ____ ___ _______ _____ ______ ____ _____ ___ _______ ______ ___ ___ ________ ____ ______ _____ ____ ___ _______ _____ ______ ____ _____ ___ _______ ______ ___ ___ ________ ____ ______ _____ ____ ___ _______ _____ ______ ____ _____ ___ _______ ______ ___ ___ ________

ΣΧΗΜΑΤΙΖΕΤΑΙ ΚΥΒΕΡΝΗΣΙΣ

____ ______ ____ _____ ___ _______ ______ ___ ___ ________ ____ ______ _____ ____ ___ _______ _____ ______ ____ _____ ___ _______ ______ ___ ___ ________ ____ ______ _____ ____ ___ _______ _____ ______ ____ _____ ___ _______ ______ ___ ___ ________ ____ ______ _____ ____ ___ _______ _____ ______ ____ _____ ___ _______ ______ ___ ___ ________

ΑΦΙΞΙΣ ΕΙΣ ΠΑΡΙΣΙΟΥΣ

____ ______ ____ _____ ___ _______ ______ ___ ___ ________ ____ ______ _____ ____ ___ _______ _____ ______ ____ _____ ___ _______ ______ ___ ___ ________ ____ ______ _____ ____ ___ _______ _____ ______ ____ _____ ___ _______ ______ ___ ___ ________ ____ ______ _____ ____ ___ _______ _____ ______ ____ _____ ___ _______ ______ ___ ___ ________

ΟΙ ΠΥΡΟΒΟΛΟΥΝ

____ ______ ____ _____ ___ _______ ______ ___ ___ ________ ____ ______ _____ ____ ___ _______ _____ ______ ____ _____ ___ _______ ______ ___ ___ ________ ____ ______ _____ ____ ___ _______ _____ ______ ____ _____ ___ _______ ______ ___ ___ ________

ΣΥΝΘΗΚΗ ΕΛΛΗΝΟΒΟΥΛΓΑΡΙΚΗΣ ΣΥΜΦΩΝΙΑΣ ΠΡΟΣ ΔΗΜΙΟΥΡΓΙΑΝ «ΖΩΝΗΣ ΕΙΡΗΝΗΣ» ΥΠΟΔΕΙΚΝΥΕΙ Η ΜΟΣΧΑ ΠΡΟΣ ΤΗΝ ΕΛΛΑΔΑ

ΜΟΣΧΑ, 25. (Ιδ. Ανταπ.).— ____ ______ ____ _____ ___ _______ ______ ___ ___ ________ ____ ______ _____ ____ ___ _______ _____ ______ ____ _____ ___ _______ ______ ___ ___ ________ ____ ______ _____ ____ ___ _______ _____ ______ ____ _____ ___ _______ ______ ___ ___ ________ ____ ______ _____ ____ ___ _______ _____ ______ ____ _____ ___ _______ ______ ___ ___ ________ ____ ______ _____ ____ ___ _______ _____ ______ ____ _____ ___ _______ ______ ___ ___ ________ ____ ______ _____ ____ ___ _______ _____ ______ ____ _____ ___ _______ ______ ___ ___ ________

ΜΕΧΡΙ ΤΗΣ ΤΡΙΤΗΣ ΘΑ ΕΚΔΟΘΗ ΤΟ ΑΝΑΚΟΙΝΩΘΕΝ ΤΗΣ ΑΝΩΤΑΤΗΣ ΚΟΜΜΟΥΝΙΣΤΙΚΗΣ ΔΙΑΣΚΕΨΕΩΣ

ΜΟΣΧΑ, 25. (Αγωσ).— ____ ______ ____ _____ ___ _______ ______ ___ ___ ________ ____ ______ _____ ____ ___ _______ _____ ______ ____ _____ ___ _______ ______ ___ ___ ________ ____ ______ _____ ____ ___ _______ _____ ______ ____ _____ ___ _______ ______ ___ ___ ________ ____ ______ _____ ____ ___ _______ _____ ______ ____ _____ ___ _______ ______ ___ ___ ________ ____ ______ _____ ____ ___ _______ _____ ______ ____ _____ ___ _______ ______ ___ ___ ________ ____ ______ _____ ____ ___ _______ _____ ______ ____ _____ ___ _______ ______ ___ ___ ________

ΤΟ ΖΗΤΗΜΑ ΤΗΣ ΔΥΤΙΚΗΣ ΝΕΑΣ ΓΟΥΪΝΕΑΣ ΘΑ ΤΕΘΗ ΕΝΩΠΙΟΝ ΤΩΝ ΗΝΩΜΕΝΩΝ ΕΘΝΩΝ

ΧΑΓΗ, 25. (Ασσ. Πρές).— ____ ______ ____ _____ ___ _______ ______ ___ ___ ________ ____ ______ _____ ____ ___ _______ _____ ______ ____ _____ ___ _______ ______ ___ ___ ________ ____ ______ _____ ____ ___ _______ _____ ______ ____ _____ ___ _______ ______ ___ ___ ________

ΕΙΣ ΔΙΚΗΝ Ο ΝΕΑΡΟΣ ΙΣΠΑΝΟΣ ΦΑΛΑΓΓΙΤΗΣ ΟΣΤΙΣ ΕΥΥΒΡΙΣΕΝ ΕΙΣ ΤΕΛΕΤΗΝ ΤΟΝ ΦΡΑΝΚΟ

ΜΑΔΡΙΤΗ, 25. (Ρώϋτερ).— ____ ______ ____ _____ ___ _______ ______ ___ ___ ________ ____ ______ _____ ____ ___ _______ _____ ______ ____ _____ ___ _______ ______ ___ ___ ________ ____ ______ _____ ____ ___ _______ _____ ______ ____ _____ ___ _______ ______ ___ ___ ________

ΚΑΤΑ ΤΗΣ ΑΓΟΡΚΡΙΣΙΑΣ

____ ______ ____ _____ ___ _______ ______ ___ ___ ________ ____ ______ _____ ____ ___ _______ _____ ______ ____ _____ ___ _______ ______ ___ ___ ________ ____ ______ _____ ____ ___ _______ _____ ______ ____ _____ ___ _______ ______ ___ ___ ________

ΔΕΚΑ ΒΟΜΒΑΙ ΕΞΕΡΡΑΓΗΣΑΝ ΤΗΝ ΝΥΚΤΑ ΕΙΣ ΤΗΝ ΑΒΑΝΑΝ

ΑΒΑΝΑ, 25. (Ασσ. Πρές).— ____ ______ ____ _____ ___ _______ ______ ___ ___ ________ ____ ______ _____ ____ ___ _______ _____ ______ ____ _____ ___ _______ ______ ___ ___ ________ ____ ______ _____ ____ ___ _______ _____ ______ ____ _____ ___ _______ ______ ___ ___ ________ ____ ______ _____ ____ ___ _______ _____ ______ ____ _____ ___ _______ ______ ___ ___ ________

ΕΙΣ ΤΗΝ ΝΙΚΑΡΑΓΟΥΑΝ

ΑΒΑΝΑ, 25. (Ασσ. Πρές).— ____ ______ ____ _____ ___ _______ ______ ___ ___ ________
